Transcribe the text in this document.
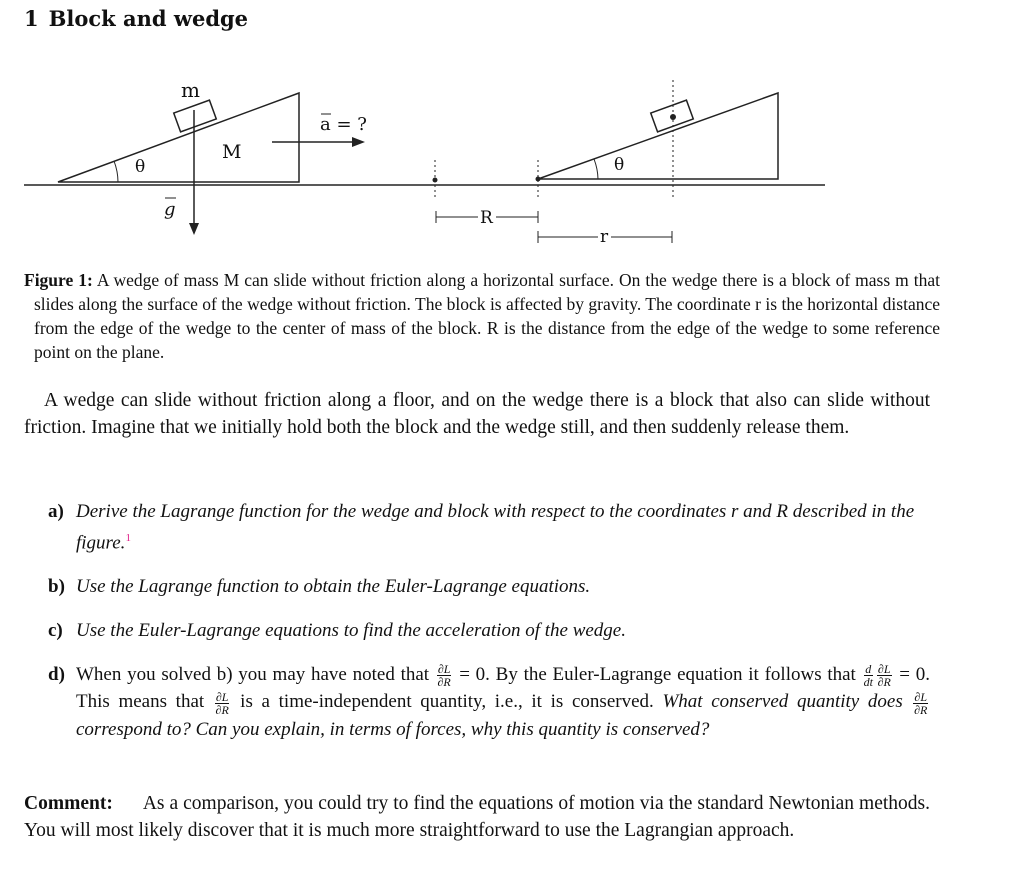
1 Block and wedge
θ
M
m
g
a = ?
θ
R
r
Figure 1: A wedge of mass M can slide without friction along a horizontal surface. On the wedge there is a block of mass m that slides along the surface of the wedge without friction. The block is affected by gravity. The coordinate r is the horizontal distance from the edge of the wedge to the center of mass of the block. R is the distance from the edge of the wedge to some reference point on the plane.
A wedge can slide without friction along a floor, and on the wedge there is a block that also can slide without friction. Imagine that we initially hold both the block and the wedge still, and then suddenly release them.
a) Derive the Lagrange function for the wedge and block with respect to the coordinates r and R described in the figure.$^1$
b) Use the Lagrange function to obtain the Euler-Lagrange equations.
c) Use the Euler-Lagrange equations to find the acceleration of the wedge.
d) When you solved b) you may have noted that $\frac{\partial L}{\partial R} = 0$. By the Euler-Lagrange equation it follows that $\frac{d}{dt} \frac{\partial L}{\partial R} = 0$. This means that $\frac{\partial L}{\partial R}$ is a time-independent quantity, i.e., it is conserved. What conserved quantity does $\frac{\partial L}{\partial R}$
correspond to? Can you explain, in terms of forces, why this quantity is conserved?
Comment: As a comparison, you could try to find the equations of motion via the standard Newtonian methods. You will most likely discover that it is much more straightforward to use the Lagrangian approach.
